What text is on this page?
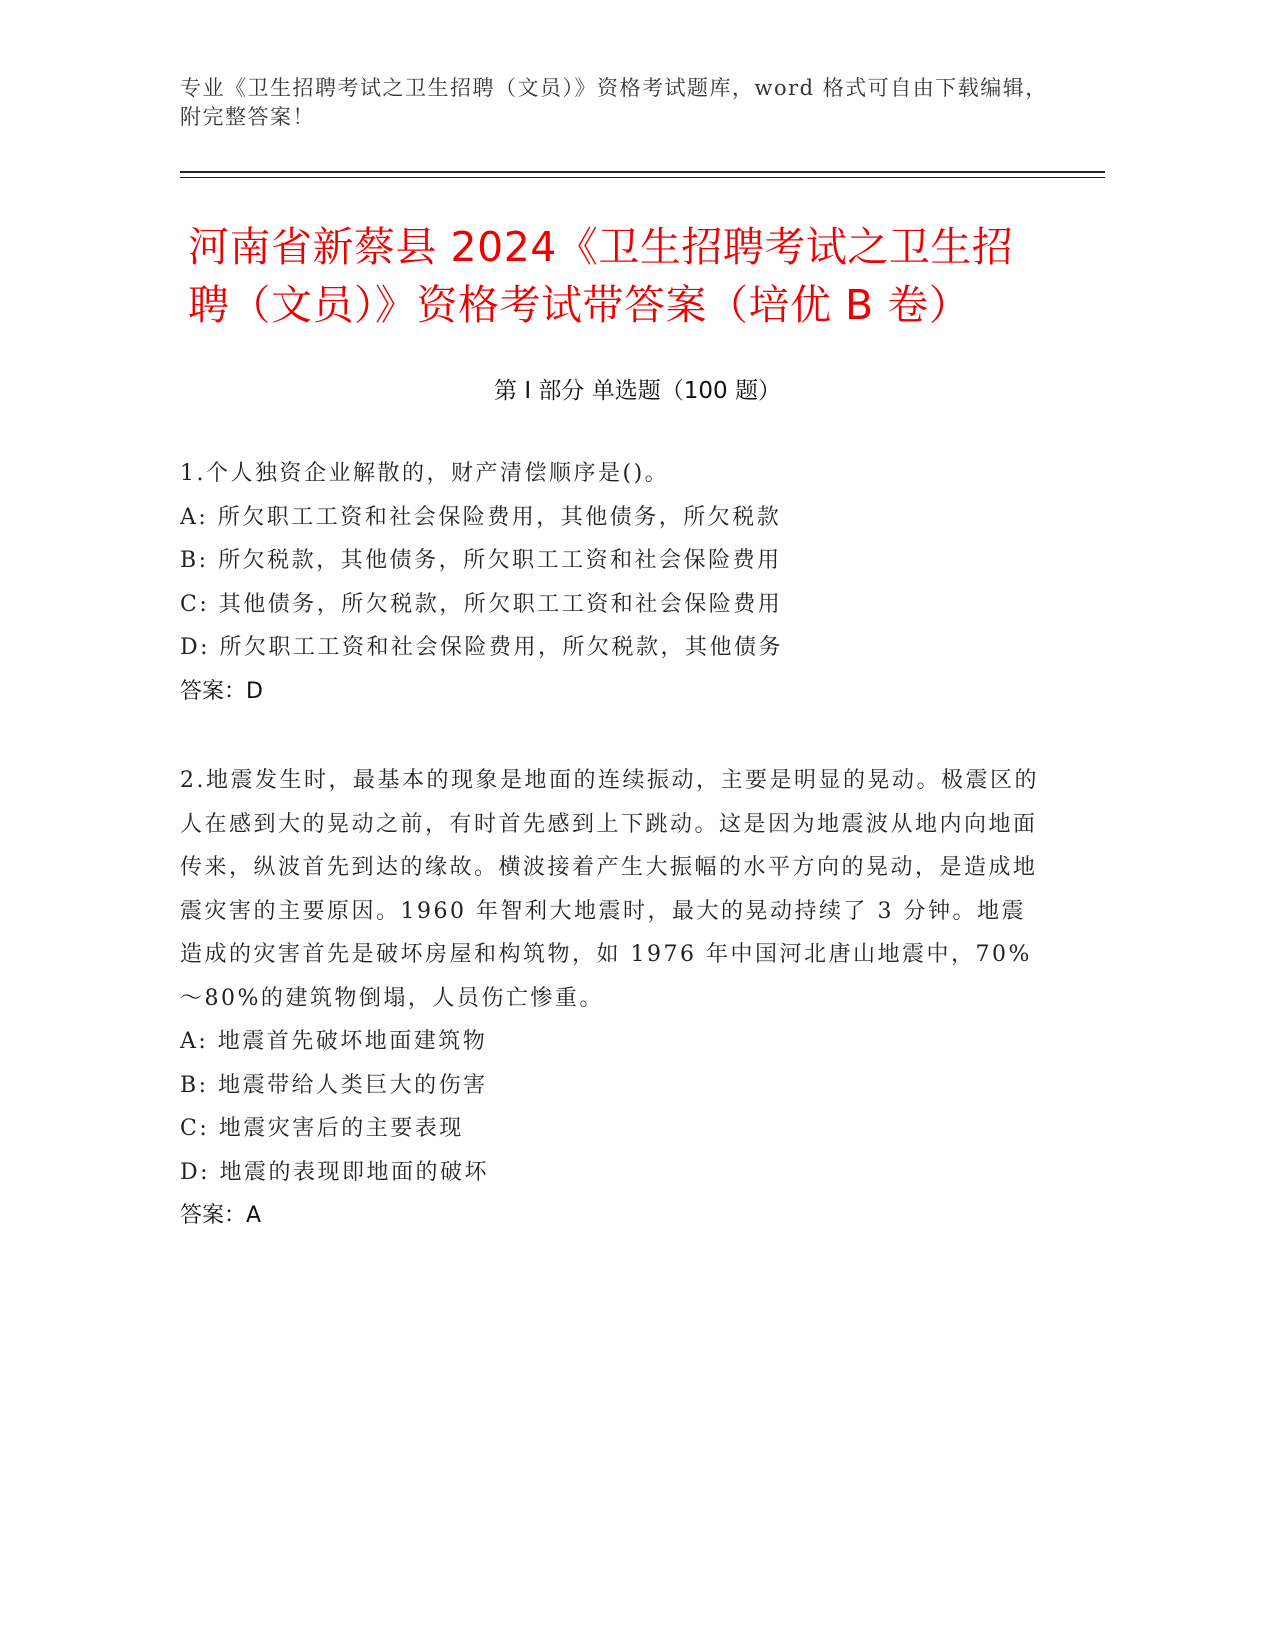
专业《卫生招聘考试之卫生招聘（文员）》资格考试题库，word 格式可自由下载编辑，附完整答案！
河南省新蔡县 2024《卫生招聘考试之卫生招聘（文员）》资格考试带答案（培优 B 卷）
第 I 部分 单选题（100 题）

1.个人独资企业解散的，财产清偿顺序是()。

A: 所欠职工工资和社会保险费用，其他债务，所欠税款

B: 所欠税款，其他债务，所欠职工工资和社会保险费用

C: 其他债务，所欠税款，所欠职工工资和社会保险费用

D: 所欠职工工资和社会保险费用，所欠税款，其他债务

答案：D

2.地震发生时，最基本的现象是地面的连续振动，主要是明显的晃动。极震区的人在感到大的晃动之前，有时首先感到上下跳动。这是因为地震波从地内向地面传来，纵波首先到达的缘故。横波接着产生大振幅的水平方向的晃动，是造成地震灾害的主要原因。1960 年智利大地震时，最大的晃动持续了 3 分钟。地震造成的灾害首先是破坏房屋和构筑物，如 1976 年中国河北唐山地震中，70%～80%的建筑物倒塌，人员伤亡惨重。

A: 地震首先破坏地面建筑物

B: 地震带给人类巨大的伤害

C: 地震灾害后的主要表现

D: 地震的表现即地面的破坏

答案：A
